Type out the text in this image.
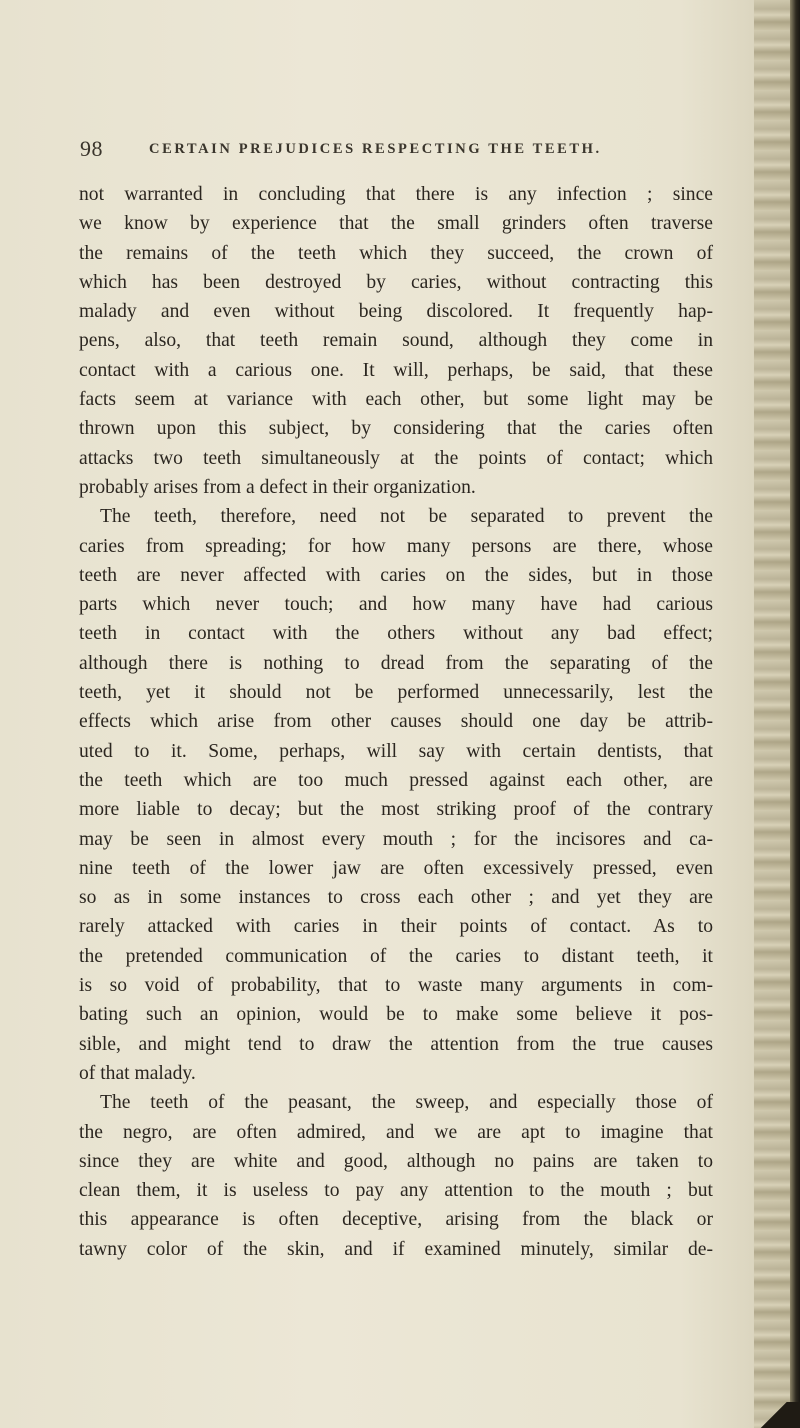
98	CERTAIN PREJUDICES RESPECTING THE TEETH.
not warranted in concluding that there is any infection ; since
we know by experience that the small grinders often traverse
the remains of the teeth which they succeed, the crown of
which has been destroyed by caries, without contracting this
malady and even without being discolored. It frequently hap-
pens, also, that teeth remain sound, although they come in
contact with a carious one. It will, perhaps, be said, that these
facts seem at variance with each other, but some light may be
thrown upon this subject, by considering that the caries often
attacks two teeth simultaneously at the points of contact; which
probably arises from a defect in their organization.
The teeth, therefore, need not be separated to prevent the
caries from spreading; for how many persons are there, whose
teeth are never affected with caries on the sides, but in those
parts which never touch; and how many have had carious
teeth in contact with the others without any bad effect;
although there is nothing to dread from the separating of the
teeth, yet it should not be performed unnecessarily, lest the
effects which arise from other causes should one day be attrib-
uted to it. Some, perhaps, will say with certain dentists, that
the teeth which are too much pressed against each other, are
more liable to decay; but the most striking proof of the contrary
may be seen in almost every mouth ; for the incisores and ca-
nine teeth of the lower jaw are often excessively pressed, even
so as in some instances to cross each other ; and yet they are
rarely attacked with caries in their points of contact. As to
the pretended communication of the caries to distant teeth, it
is so void of probability, that to waste many arguments in com-
bating such an opinion, would be to make some believe it pos-
sible, and might tend to draw the attention from the true causes
of that malady.
The teeth of the peasant, the sweep, and especially those of
the negro, are often admired, and we are apt to imagine that
since they are white and good, although no pains are taken to
clean them, it is useless to pay any attention to the mouth ; but
this appearance is often deceptive, arising from the black or
tawny color of the skin, and if examined minutely, similar de-
